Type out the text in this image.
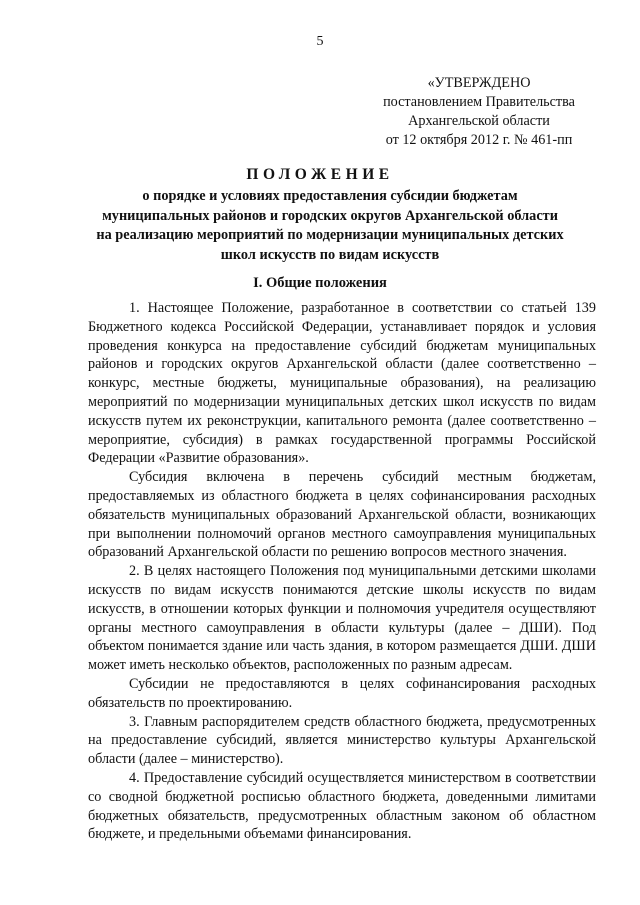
5
«УТВЕРЖДЕНО
постановлением Правительства
Архангельской области
от 12 октября 2012 г. № 461-пп
ПОЛОЖЕНИЕ
о порядке и условиях предоставления субсидии бюджетам
муниципальных районов и городских округов Архангельской области
на реализацию мероприятий по модернизации муниципальных детских
школ искусств по видам искусств
I. Общие положения

1. Настоящее Положение, разработанное в соответствии со статьей 139 Бюджетного кодекса Российской Федерации, устанавливает порядок и условия проведения конкурса на предоставление субсидий бюджетам муниципальных районов и городских округов Архангельской области (далее соответственно – конкурс, местные бюджеты, муниципальные образования), на реализацию мероприятий по модернизации муниципальных детских школ искусств по видам искусств путем их реконструкции, капитального ремонта (далее соответственно – мероприятие, субсидия) в рамках государственной программы Российской Федерации «Развитие образования».

Субсидия включена в перечень субсидий местным бюджетам, предоставляемых из областного бюджета в целях софинансирования расходных обязательств муниципальных образований Архангельской области, возникающих при выполнении полномочий органов местного самоуправления муниципальных образований Архангельской области по решению вопросов местного значения.

2. В целях настоящего Положения под муниципальными детскими школами искусств по видам искусств понимаются детские школы искусств по видам искусств, в отношении которых функции и полномочия учредителя осуществляют органы местного самоуправления в области культуры (далее – ДШИ). Под объектом понимается здание или часть здания, в котором размещается ДШИ. ДШИ может иметь несколько объектов, расположенных по разным адресам.

Субсидии не предоставляются в целях софинансирования расходных обязательств по проектированию.

3. Главным распорядителем средств областного бюджета, предусмотренных на предоставление субсидий, является министерство культуры Архангельской области (далее – министерство).

4. Предоставление субсидий осуществляется министерством в соответствии со сводной бюджетной росписью областного бюджета, доведенными лимитами бюджетных обязательств, предусмотренных областным законом об областном бюджете, и предельными объемами финансирования.
